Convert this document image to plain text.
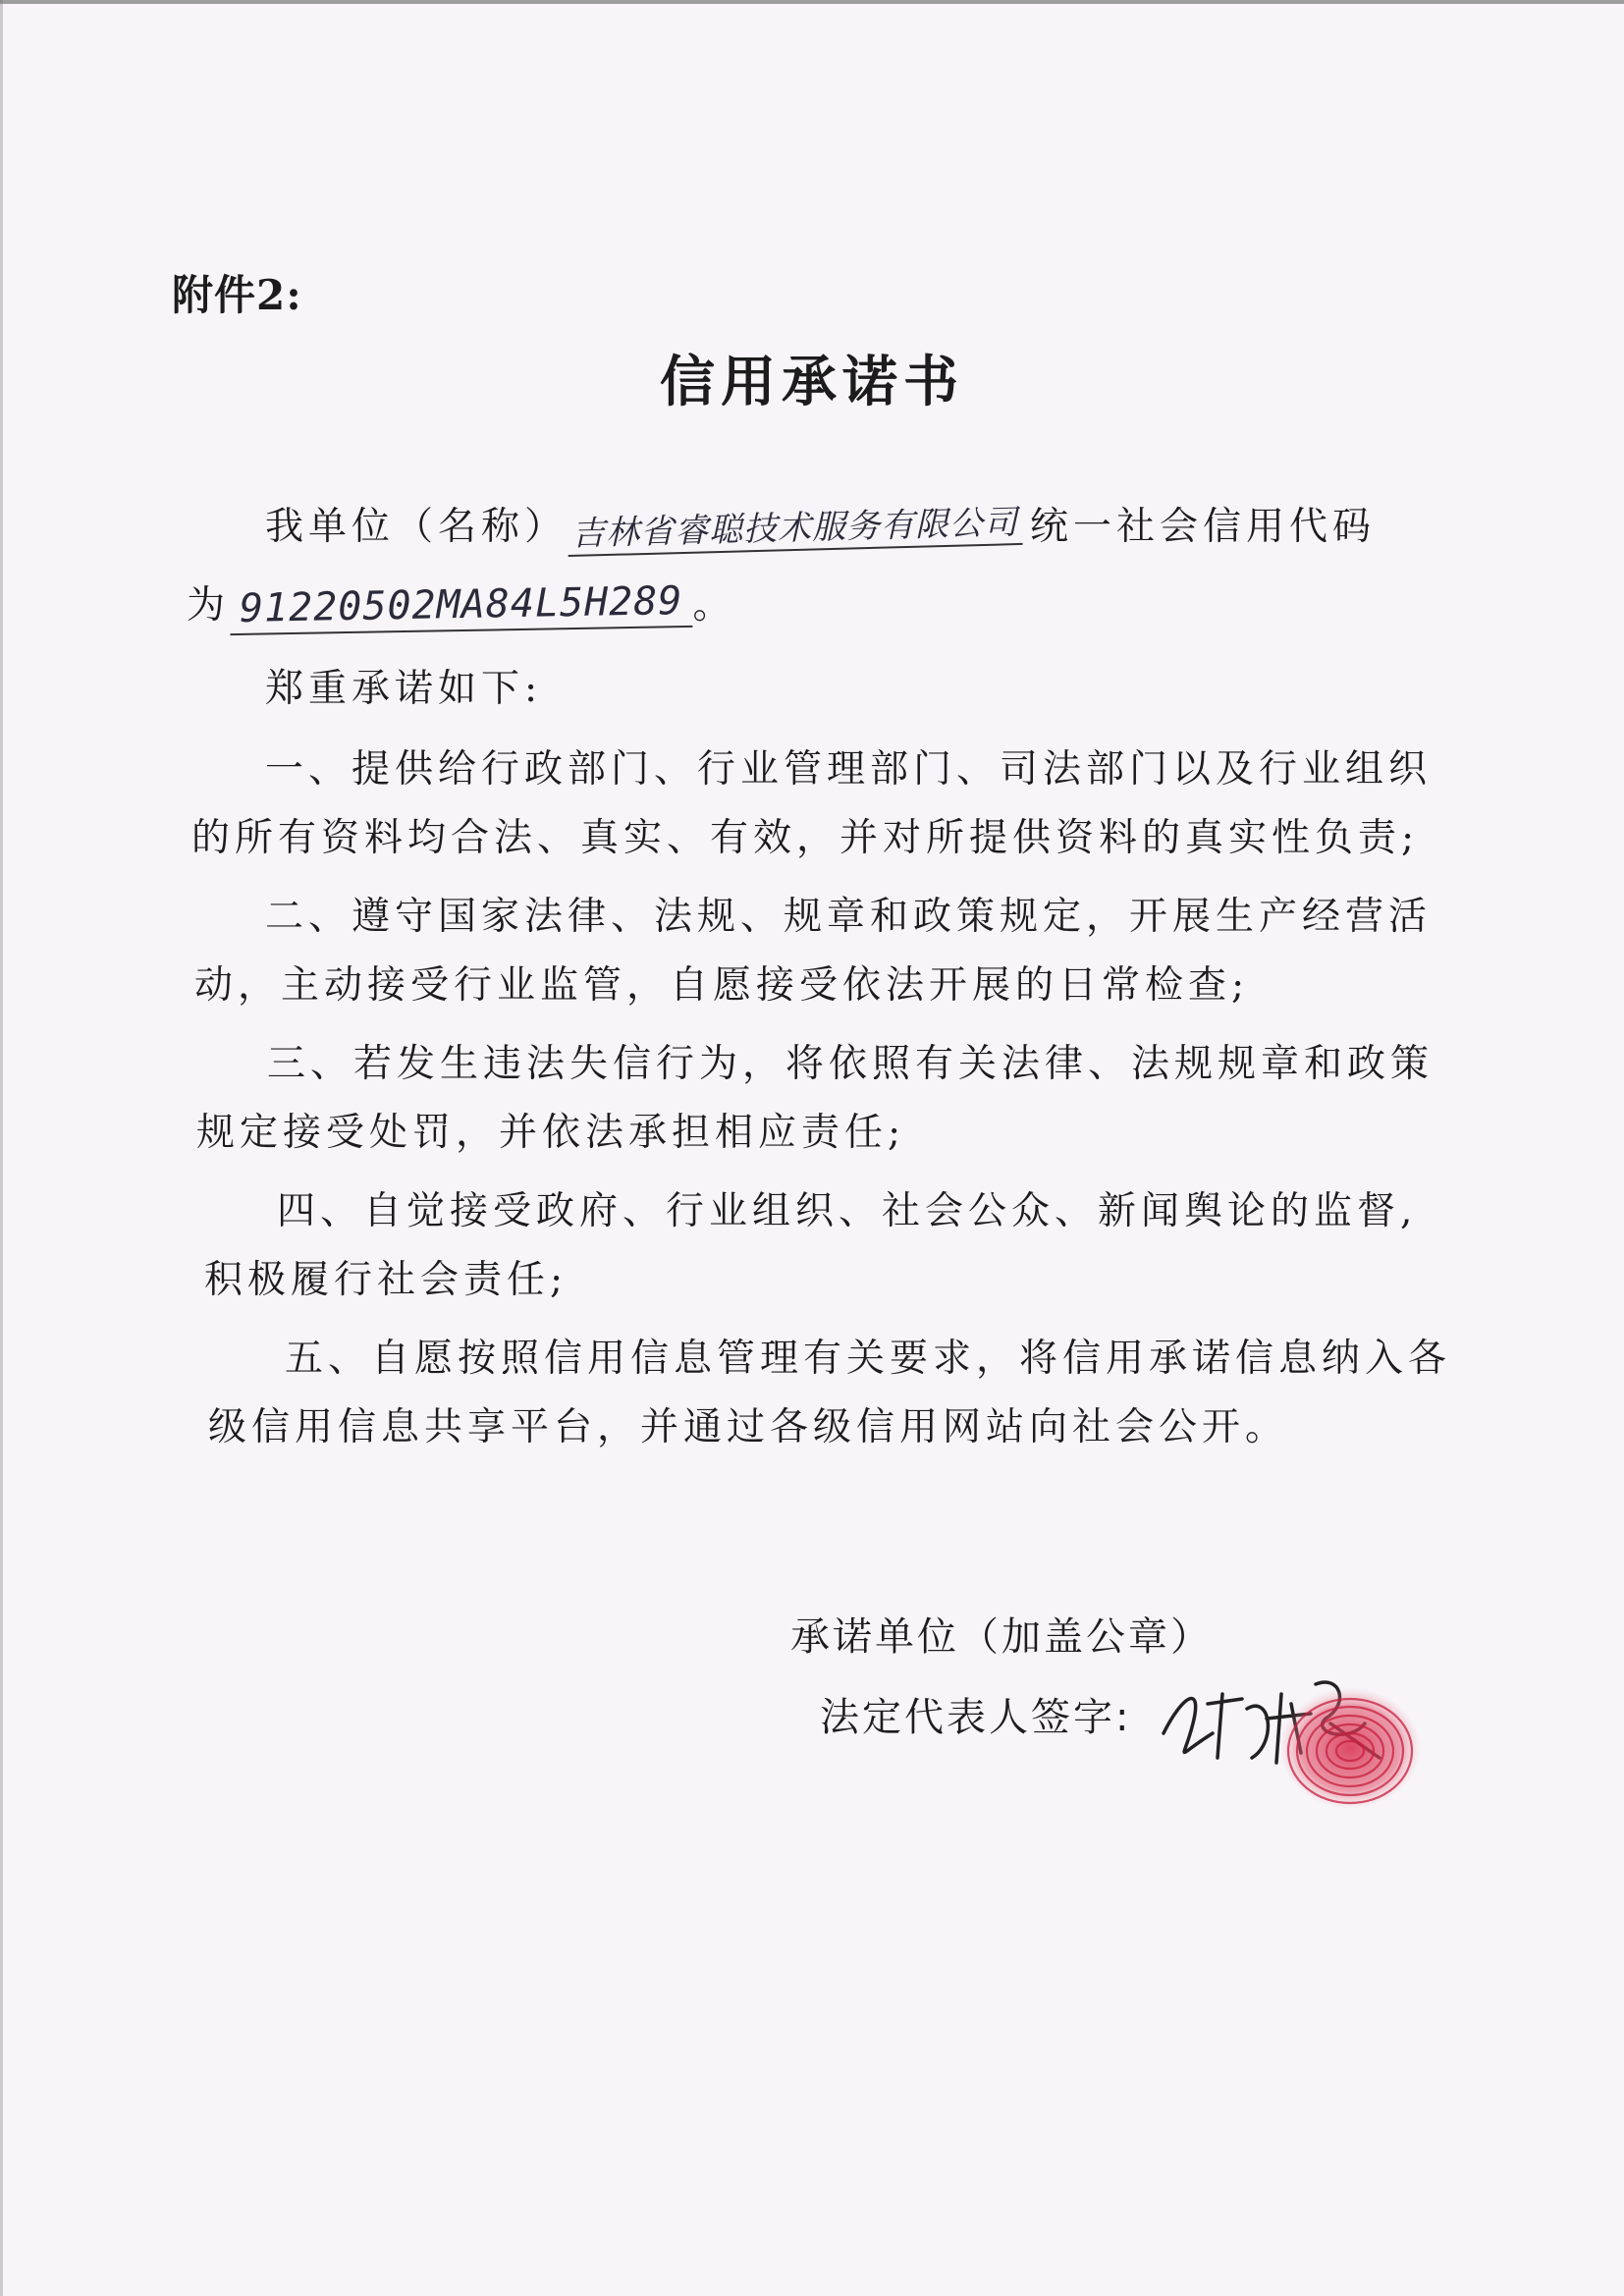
附件2:
信用承诺书
我单位（名称） 吉林省睿聪技术服务有限公司 统一社会信用代码
为 91220502MA84L5H289 。
郑重承诺如下:
一、提供给行政部门、行业管理部门、司法部门以及行业组织
的所有资料均合法、真实、有效，并对所提供资料的真实性负责;
二、遵守国家法律、法规、规章和政策规定，开展生产经营活
动，主动接受行业监管，自愿接受依法开展的日常检查;
三、若发生违法失信行为，将依照有关法律、法规规章和政策
规定接受处罚，并依法承担相应责任;
四、自觉接受政府、行业组织、社会公众、新闻舆论的监督,
积极履行社会责任;
五、自愿按照信用信息管理有关要求，将信用承诺信息纳入各
级信用信息共享平台，并通过各级信用网站向社会公开。
承诺单位（加盖公章）
法定代表人签字:
